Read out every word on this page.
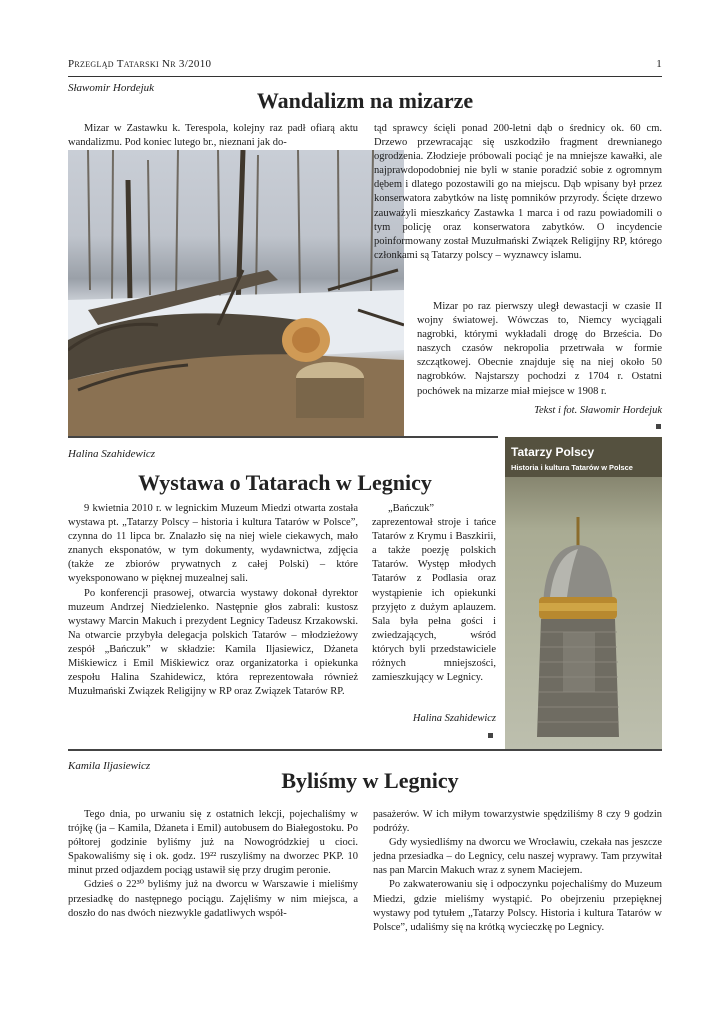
Przegląd Tatarski Nr 3/2010	1
Sławomir Hordejuk	Wandalizm na mizarze

Mizar w Zastawku k. Terespola, kolejny raz padł ofiarą aktu wandalizmu. Pod koniec lutego br., nieznani jak do-

tąd sprawcy ścięli ponad 200-letni dąb o średnicy ok. 60 cm. Drzewo przewracając się uszkodziło fragment drewnianego ogrodzenia. Złodzieje próbowali pociąć je na mniejsze kawałki, ale najprawdopodobniej nie byli w stanie poradzić sobie z ogromnym dębem i dlatego pozostawili go na miejscu. Dąb wpisany był przez konserwatora zabytków na listę pomników przyrody. Ścięte drzewo zauważyli mieszkańcy Zastawka 1 marca i od razu powiadomili o tym policję oraz konserwatora zabytków. O incydencie poinformowany został Muzułmański Związek Religijny RP, którego członkami są Tatarzy polscy – wyznawcy islamu.

Mizar po raz pierwszy uległ dewastacji w czasie II wojny światowej. Wówczas to, Niemcy wyciągali nagrobki, którymi wykładali drogę do Brześcia. Do naszych czasów nekropolia przetrwała w formie szczątkowej. Obecnie znajduje się na niej około 50 nagrobków. Najstarszy pochodzi z 1704 r. Ostatni pochówek na mizarze miał miejsce w 1908 r.

Tekst i fot. Sławomir Hordejuk
Halina Szahidewicz
Wystawa o Tatarach w Legnicy

9 kwietnia 2010 r. w legnickim Muzeum Miedzi otwarta została wystawa pt. „Tatarzy Polscy – historia i kultura Tatarów w Polsce”, czynna do 11 lipca br. Znalazło się na niej wiele ciekawych, mało znanych eksponatów, w tym dokumenty, wydawnictwa, zdjęcia (także ze zbiorów prywatnych z całej Polski) – które wyeksponowano w pięknej muzealnej sali.

Po konferencji prasowej, otwarcia wystawy dokonał dyrektor muzeum Andrzej Niedzielenko. Następnie głos zabrali: kustosz wystawy Marcin Makuch i prezydent Legnicy Tadeusz Krzakowski. Na otwarcie przybyła delegacja polskich Tatarów – młodzieżowy zespół „Bańczuk” w składzie: Kamila Iljasiewicz, Dżaneta Miśkiewicz i Emil Miśkiewicz oraz organizatorka i opiekunka zespołu Halina Szahidewicz, która reprezentowała również Muzułmański Związek Religijny w RP oraz Związek Tatarów RP.

„Bańczuk” zaprezentował stroje i tańce Tatarów z Krymu i Baszkirii, a także poezję polskich Tatarów. Występ młodych Tatarów z Podlasia oraz wystąpienie ich opiekunki przyjęto z dużym aplauzem. Sala była pełna gości i zwiedzających, wśród których byli przedstawiciele różnych mniejszości, zamieszkujący w Legnicy.

Halina Szahidewicz
Tatarzy Polscy
Historia i kultura Tatarów w Polsce
Kamila Iljasiewicz
Byliśmy w Legnicy

Tego dnia, po urwaniu się z ostatnich lekcji, pojechaliśmy w trójkę (ja – Kamila, Dżaneta i Emil) autobusem do Białegostoku. Po półtorej godzinie byliśmy już na Nowogródzkiej u cioci. Spakowaliśmy się i ok. godz. 19²² ruszyliśmy na dworzec PKP. 10 minut przed odjazdem pociąg ustawił się przy drugim peronie.

Gdzieś o 22³⁰ byliśmy już na dworcu w Warszawie i mieliśmy przesiadkę do następnego pociągu. Zajęliśmy w nim miejsca, a doszło do nas dwóch niezwykle gadatliwych współ-

pasażerów. W ich miłym towarzystwie spędziliśmy 8 czy 9 godzin podróży.

Gdy wysiedliśmy na dworcu we Wrocławiu, czekała nas jeszcze jedna przesiadka – do Legnicy, celu naszej wyprawy. Tam przywitał nas pan Marcin Makuch wraz z synem Maciejem.

Po zakwaterowaniu się i odpoczynku pojechaliśmy do Muzeum Miedzi, gdzie mieliśmy wystąpić. Po obejrzeniu przepięknej wystawy pod tytułem „Tatarzy Polscy. Historia i kultura Tatarów w Polsce”, udaliśmy się na krótką wycieczkę po Legnicy.
